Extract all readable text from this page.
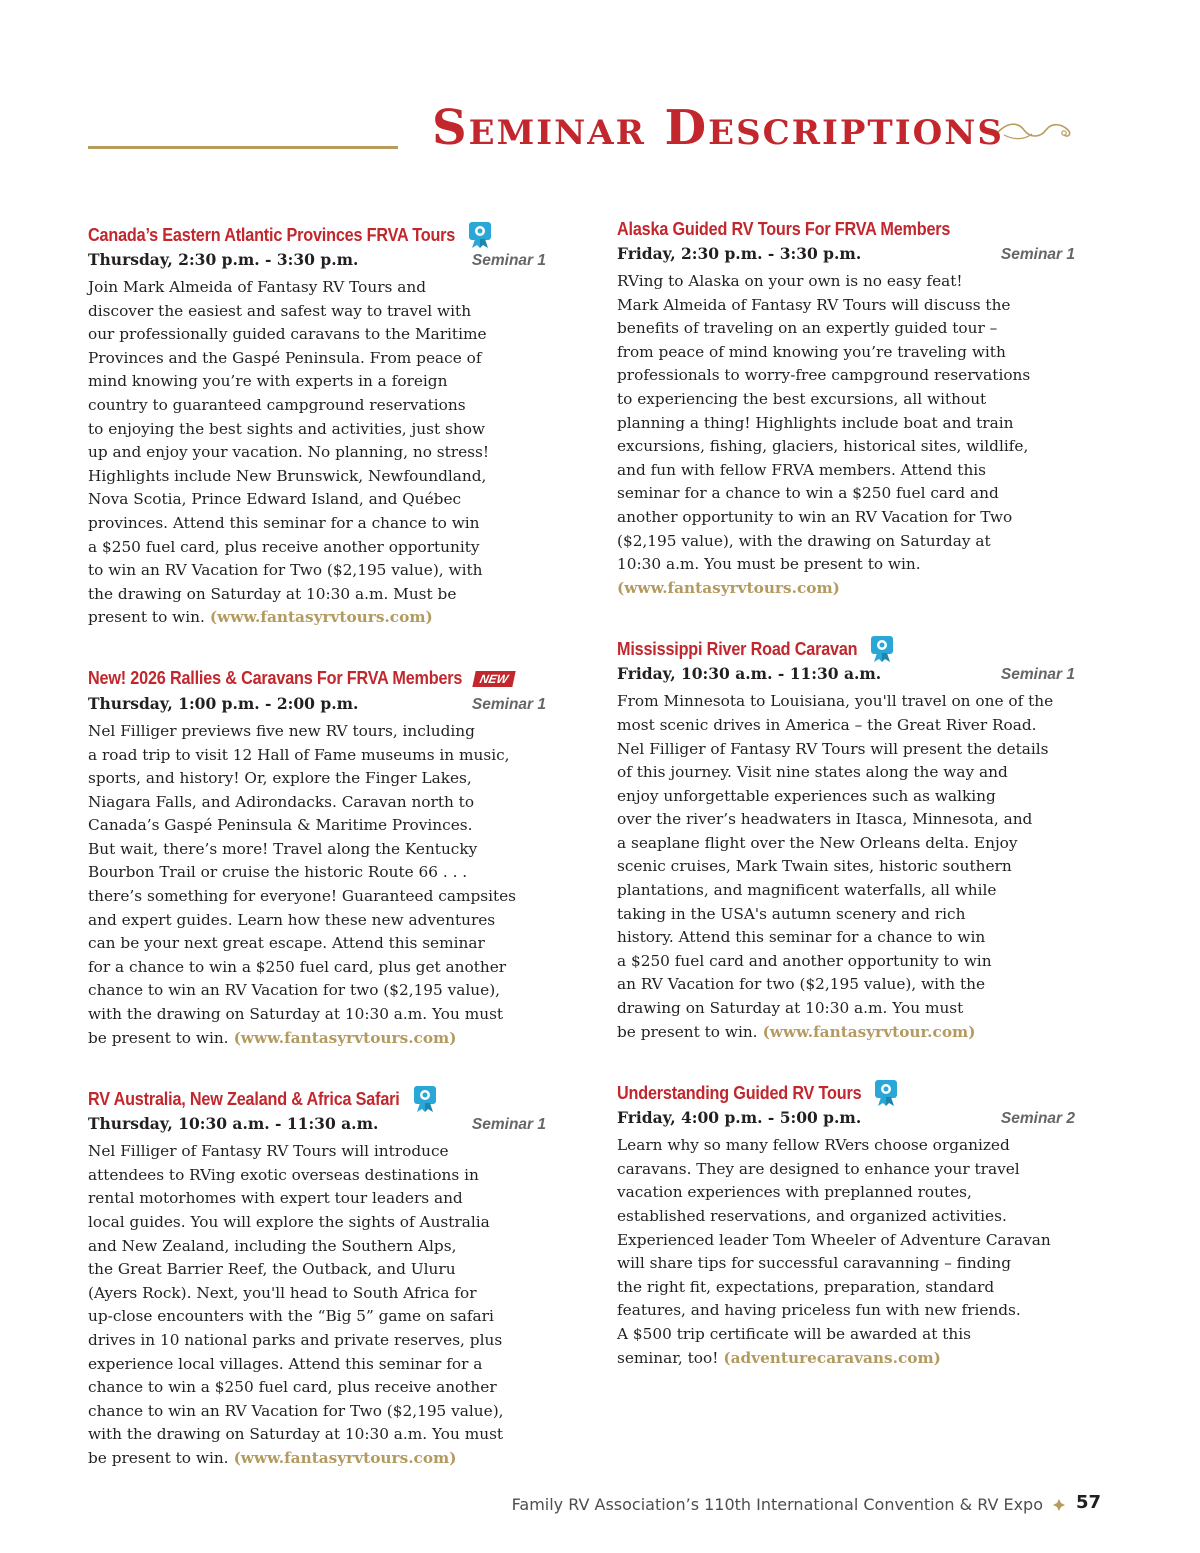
Seminar Descriptions
Canada’s Eastern Atlantic Provinces FRVA Tours
Thursday, 2:30 p.m. - 3:30 p.m.	Seminar 1
Join Mark Almeida of Fantasy RV Tours and
discover the easiest and safest way to travel with
our professionally guided caravans to the Maritime
Provinces and the Gaspé Peninsula. From peace of
mind knowing you’re with experts in a foreign
country to guaranteed campground reservations
to enjoying the best sights and activities, just show
up and enjoy your vacation. No planning, no stress!
Highlights include New Brunswick, Newfoundland,
Nova Scotia, Prince Edward Island, and Québec
provinces. Attend this seminar for a chance to win
a $250 fuel card, plus receive another opportunity
to win an RV Vacation for Two ($2,195 value), with
the drawing on Saturday at 10:30 a.m. Must be
present to win. (www.fantasyrvtours.com)
New! 2026 Rallies & Caravans For FRVA Members	NEW
Thursday, 1:00 p.m. - 2:00 p.m.	Seminar 1
Nel Filliger previews five new RV tours, including
a road trip to visit 12 Hall of Fame museums in music,
sports, and history! Or, explore the Finger Lakes,
Niagara Falls, and Adirondacks. Caravan north to
Canada’s Gaspé Peninsula & Maritime Provinces.
But wait, there’s more! Travel along the Kentucky
Bourbon Trail or cruise the historic Route 66 . . .
there’s something for everyone! Guaranteed campsites
and expert guides. Learn how these new adventures
can be your next great escape. Attend this seminar
for a chance to win a $250 fuel card, plus get another
chance to win an RV Vacation for two ($2,195 value),
with the drawing on Saturday at 10:30 a.m. You must
be present to win. (www.fantasyrvtours.com)
RV Australia, New Zealand & Africa Safari
Thursday, 10:30 a.m. - 11:30 a.m.	Seminar 1
Nel Filliger of Fantasy RV Tours will introduce
attendees to RVing exotic overseas destinations in
rental motorhomes with expert tour leaders and
local guides. You will explore the sights of Australia
and New Zealand, including the Southern Alps,
the Great Barrier Reef, the Outback, and Uluru
(Ayers Rock). Next, you'll head to South Africa for
up-close encounters with the “Big 5” game on safari
drives in 10 national parks and private reserves, plus
experience local villages. Attend this seminar for a
chance to win a $250 fuel card, plus receive another
chance to win an RV Vacation for Two ($2,195 value),
with the drawing on Saturday at 10:30 a.m. You must
be present to win. (www.fantasyrvtours.com)
Alaska Guided RV Tours For FRVA Members
Friday, 2:30 p.m. - 3:30 p.m.	Seminar 1
RVing to Alaska on your own is no easy feat!
Mark Almeida of Fantasy RV Tours will discuss the
benefits of traveling on an expertly guided tour –
from peace of mind knowing you’re traveling with
professionals to worry-free campground reservations
to experiencing the best excursions, all without
planning a thing! Highlights include boat and train
excursions, fishing, glaciers, historical sites, wildlife,
and fun with fellow FRVA members. Attend this
seminar for a chance to win a $250 fuel card and
another opportunity to win an RV Vacation for Two
($2,195 value), with the drawing on Saturday at
10:30 a.m. You must be present to win.
(www.fantasyrvtours.com)
Mississippi River Road Caravan
Friday, 10:30 a.m. - 11:30 a.m.	Seminar 1
From Minnesota to Louisiana, you'll travel on one of the
most scenic drives in America – the Great River Road.
Nel Filliger of Fantasy RV Tours will present the details
of this journey. Visit nine states along the way and
enjoy unforgettable experiences such as walking
over the river’s headwaters in Itasca, Minnesota, and
a seaplane flight over the New Orleans delta. Enjoy
scenic cruises, Mark Twain sites, historic southern
plantations, and magnificent waterfalls, all while
taking in the USA's autumn scenery and rich
history. Attend this seminar for a chance to win
a $250 fuel card and another opportunity to win
an RV Vacation for two ($2,195 value), with the
drawing on Saturday at 10:30 a.m. You must
be present to win. (www.fantasyrvtour.com)
Understanding Guided RV Tours
Friday, 4:00 p.m. - 5:00 p.m.	Seminar 2
Learn why so many fellow RVers choose organized
caravans. They are designed to enhance your travel
vacation experiences with preplanned routes,
established reservations, and organized activities.
Experienced leader Tom Wheeler of Adventure Caravan
will share tips for successful caravanning – finding
the right fit, expectations, preparation, standard
features, and having priceless fun with new friends.
A $500 trip certificate will be awarded at this
seminar, too! (adventurecaravans.com)
Family RV Association’s 110th International Convention & RV Expo 57
